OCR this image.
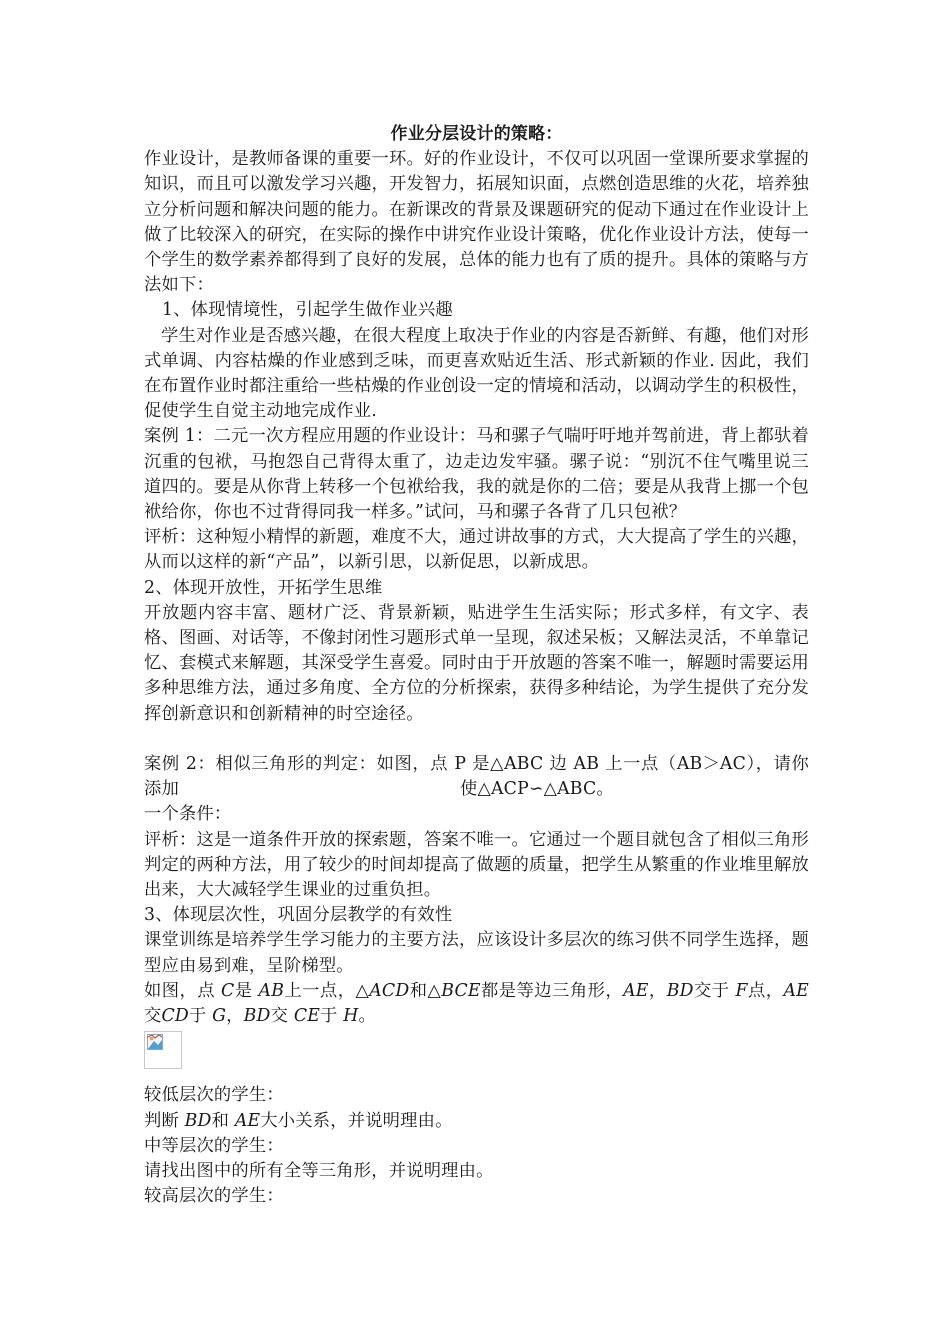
作业分层设计的策略：

作业设计，是教师备课的重要一环。好的作业设计，不仅可以巩固一堂课所要求掌握的知识，而且可以激发学习兴趣，开发智力，拓展知识面，点燃创造思维的火花，培养独立分析问题和解决问题的能力。在新课改的背景及课题研究的促动下通过在作业设计上做了比较深入的研究，在实际的操作中讲究作业设计策略，优化作业设计方法，使每一个学生的数学素养都得到了良好的发展，总体的能力也有了质的提升。具体的策略与方法如下：

1、体现情境性，引起学生做作业兴趣

学生对作业是否感兴趣，在很大程度上取决于作业的内容是否新鲜、有趣，他们对形式单调、内容枯燥的作业感到乏味，而更喜欢贴近生活、形式新颖的作业. 因此，我们在布置作业时都注重给一些枯燥的作业创设一定的情境和活动，以调动学生的积极性，促使学生自觉主动地完成作业.

案例 1：二元一次方程应用题的作业设计：马和骡子气喘吁吁地并驾前进，背上都驮着沉重的包袱，马抱怨自己背得太重了，边走边发牢骚。骡子说：“别沉不住气嘴里说三道四的。要是从你背上转移一个包袱给我，我的就是你的二倍；要是从我背上挪一个包袱给你，你也不过背得同我一样多。”试问，马和骡子各背了几只包袱？

评析：这种短小精悍的新题，难度不大，通过讲故事的方式，大大提高了学生的兴趣，从而以这样的新“产品”，以新引思，以新促思，以新成思。

2、体现开放性，开拓学生思维

开放题内容丰富、题材广泛、背景新颖，贴进学生生活实际；形式多样，有文字、表格、图画、对话等，不像封闭性习题形式单一呈现，叙述呆板；又解法灵活，不单靠记忆、套模式来解题，其深受学生喜爱。同时由于开放题的答案不唯一，解题时需要运用多种思维方法，通过多角度、全方位的分析探索，获得多种结论，为学生提供了充分发挥创新意识和创新精神的时空途径。

案例 2：相似三角形的判定：如图，点 P 是△ABC 边 AB 上一点（AB＞AC），请你添加

一个条件：

使△ACP∽△ABC。

评析：这是一道条件开放的探索题，答案不唯一。它通过一个题目就包含了相似三角形判定的两种方法，用了较少的时间却提高了做题的质量，把学生从繁重的作业堆里解放出来，大大减轻学生课业的过重负担。

3、体现层次性，巩固分层教学的有效性

课堂训练是培养学生学习能力的主要方法，应该设计多层次的练习供不同学生选择，题型应由易到难，呈阶梯型。

如图，点 C是 AB上一点，△ACD和△BCE都是等边三角形，AE，BD交于 F点，AE交CD于 G，BD交 CE于 H。

较低层次的学生：

判断 BD和 AE大小关系，并说明理由。

中等层次的学生：

请找出图中的所有全等三角形，并说明理由。

较高层次的学生：
